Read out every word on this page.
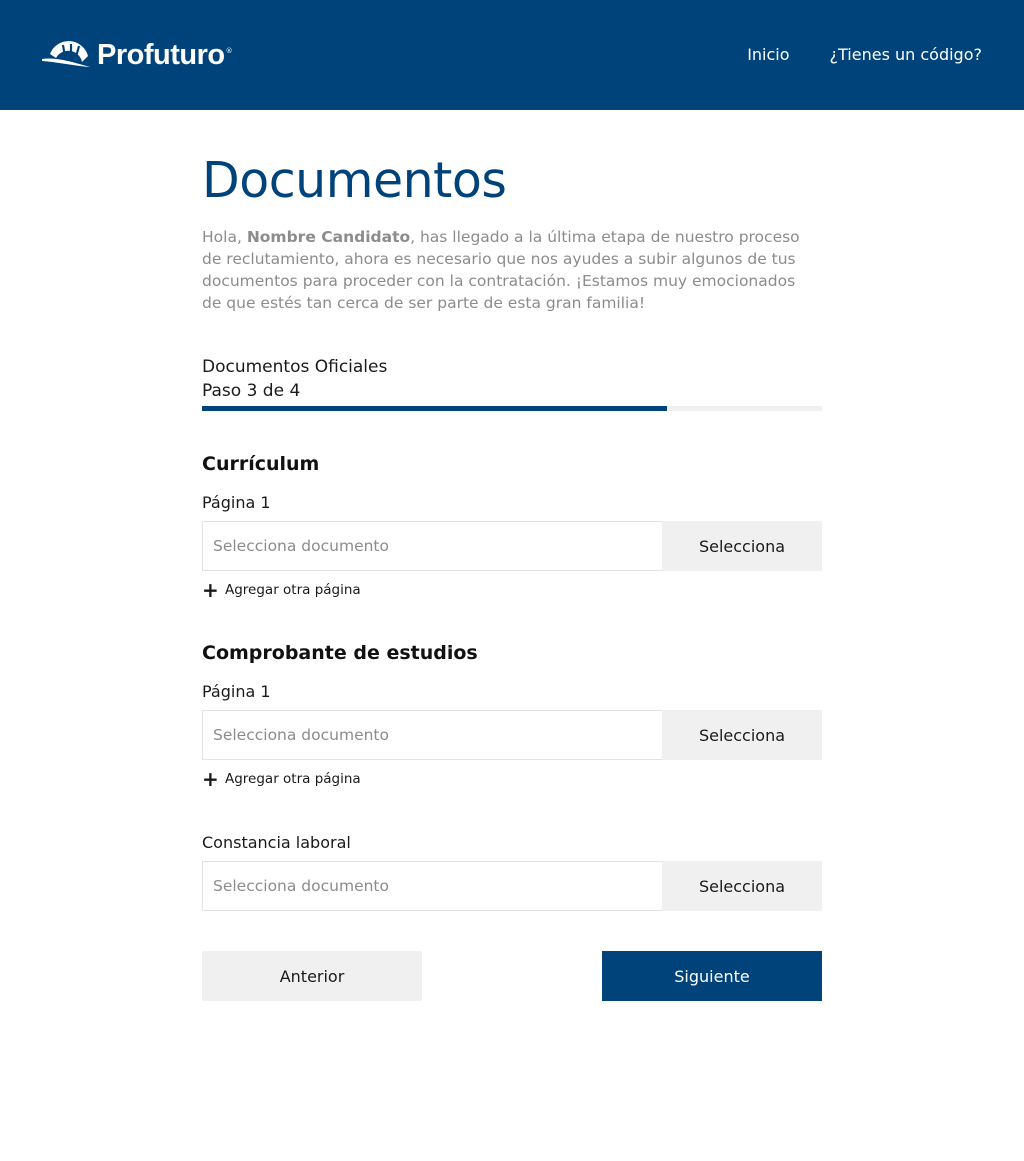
Profuturo ®	Inicio	¿Tienes un código?
Documentos

Hola, Nombre Candidato, has llegado a la última etapa de nuestro proceso de reclutamiento, ahora es necesario que nos ayudes a subir algunos de tus documentos para proceder con la contratación. ¡Estamos muy emocionados de que estés tan cerca de ser parte de esta gran familia!

Documentos Oficiales
Paso 3 de 4
Currículum
Página 1
Selecciona documento
Selecciona
+ Agregar otra página
Comprobante de estudios
Página 1
Selecciona documento
Selecciona
+ Agregar otra página
Constancia laboral
Selecciona documento
Selecciona
Anterior	Siguiente
